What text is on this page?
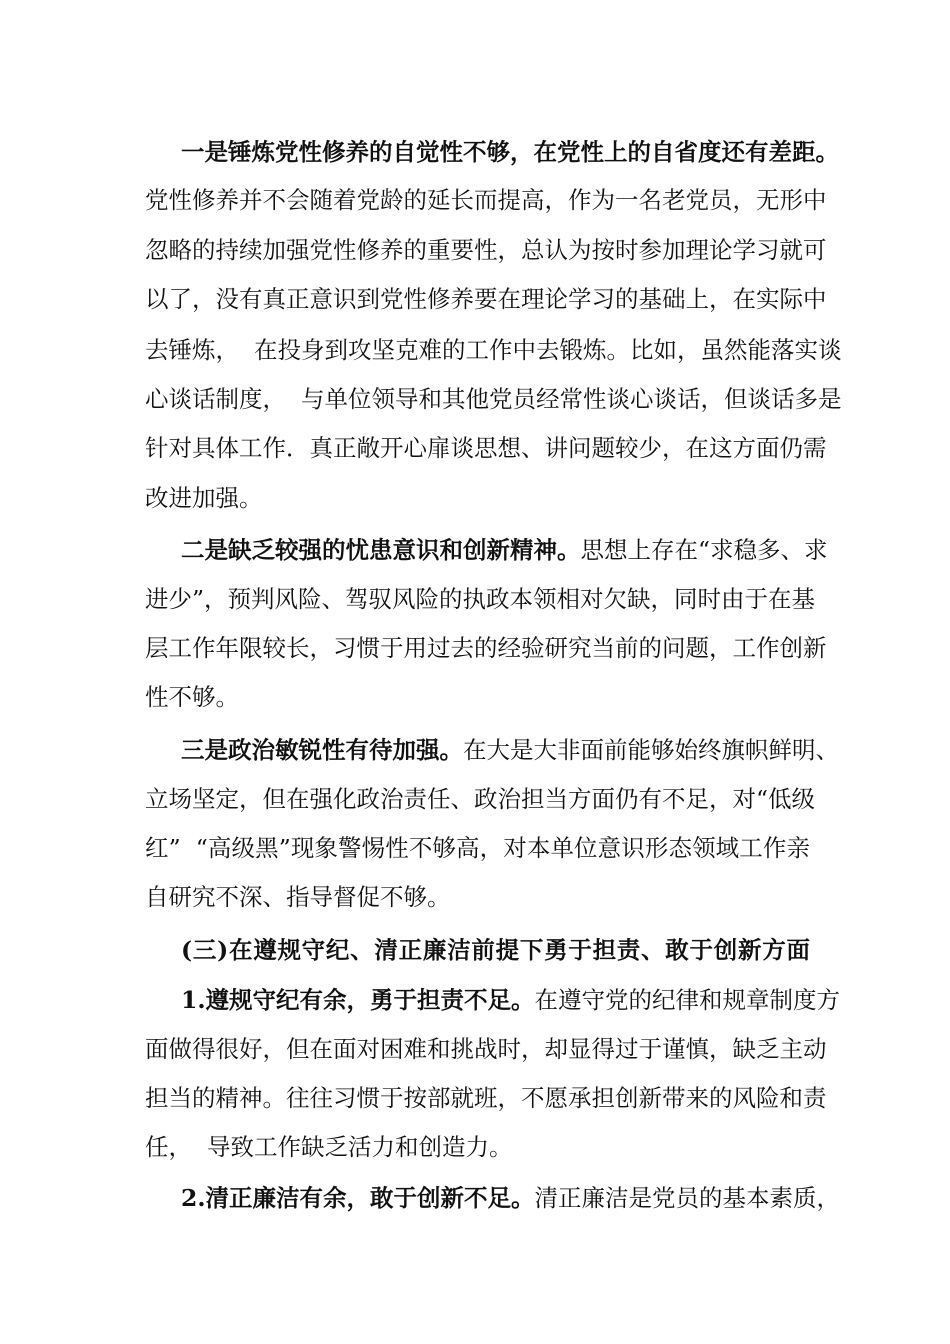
一是锤炼党性修养的自觉性不够，在党性上的自省度还有差距。
党性修养并不会随着党龄的延长而提高，作为一名老党员，无形中
忽略的持续加强党性修养的重要性，总认为按时参加理论学习就可
以了，没有真正意识到党性修养要在理论学习的基础上，在实际中
去锤炼，  在投身到攻坚克难的工作中去锻炼。比如，虽然能落实谈
心谈话制度，  与单位领导和其他党员经常性谈心谈话，但谈话多是
针对具体工作．真正敞开心扉谈思想、讲问题较少，在这方面仍需
改进加强。
二是缺乏较强的忧患意识和创新精神。思想上存在“求稳多、求
进少”，预判风险、驾驭风险的执政本领相对欠缺，同时由于在基
层工作年限较长，习惯于用过去的经验研究当前的问题，工作创新
性不够。
三是政治敏锐性有待加强。在大是大非面前能够始终旗帜鲜明、
立场坚定，但在强化政治责任、政治担当方面仍有不足，对“低级
红”  “高级黑”现象警惕性不够高，对本单位意识形态领域工作亲
自研究不深、指导督促不够。
(三)在遵规守纪、清正廉洁前提下勇于担责、敢于创新方面
1.遵规守纪有余，勇于担责不足。在遵守党的纪律和规章制度方
面做得很好，但在面对困难和挑战时，却显得过于谨慎，缺乏主动
担当的精神。往往习惯于按部就班，不愿承担创新带来的风险和责
任，  导致工作缺乏活力和创造力。
2.清正廉洁有余，敢于创新不足。清正廉洁是党员的基本素质，
